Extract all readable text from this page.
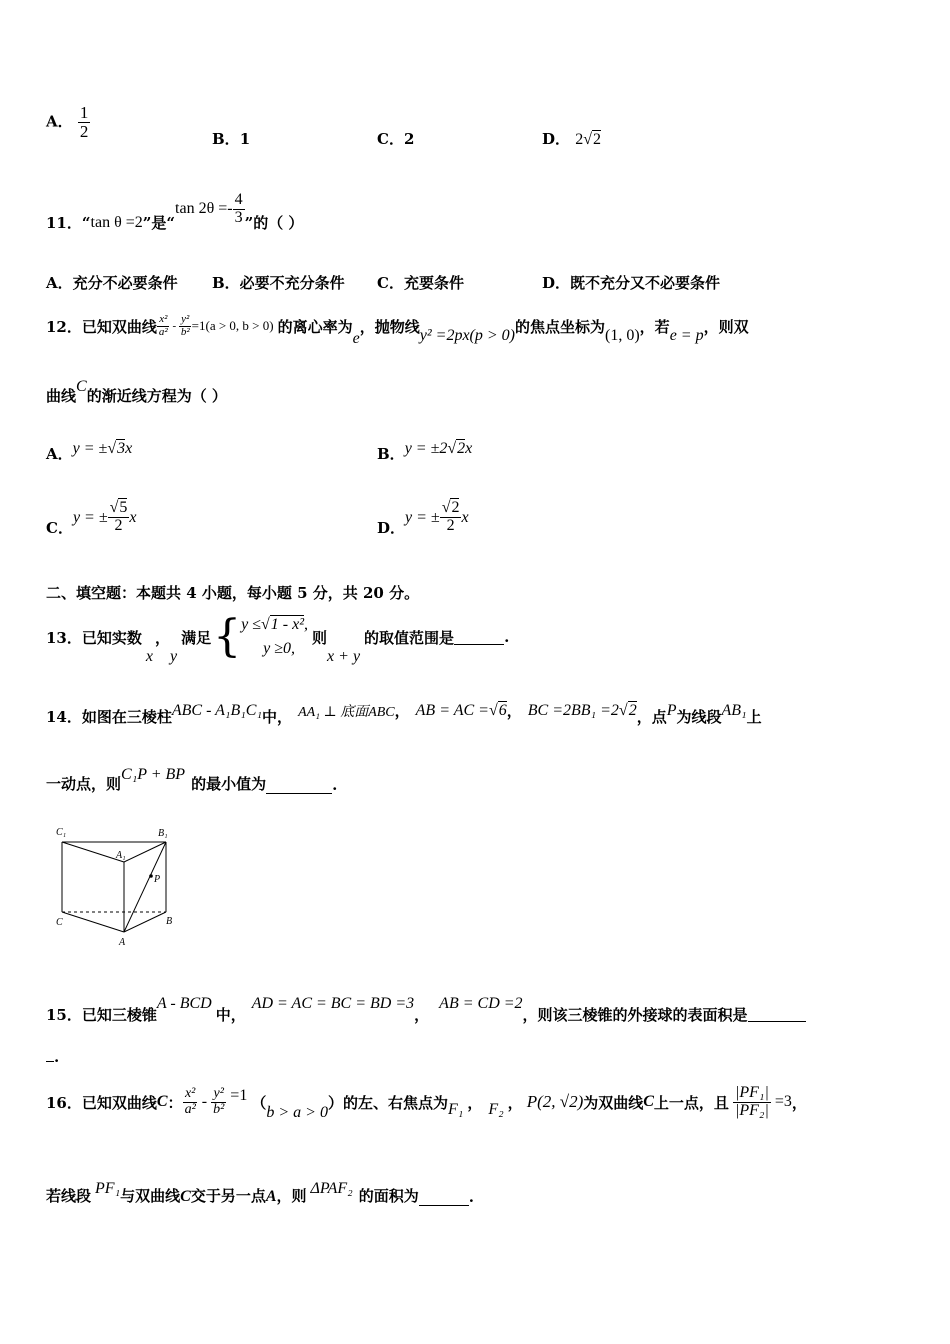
A． $\frac{1}{2}$	B．1	C．2	D． 2√2
11．“ tan θ =2 ”是“
$\tan 2\theta =- \frac{4}{3}$ ”的（ ）
A．充分不必要条件 B．必要不充分条件 C．充要条件	D．既不充分又不必要条件
12．已知双曲线 $\frac{\text{x²}}{\text{a²}} - \frac{\text{y²}}{\text{b²}} =1(a > 0$, b > 0) 的离心率为
e
，抛物线 y² =2px(p > 0) 的焦点坐标为 (1, 0) ，若 e = p ，则双
曲线
C
的渐近线方程为（ ）
A． y = ±√3x	B． y = ±2√2x
C．
y = ± $\frac{√5}{2}$ x
D．
y = ± $\frac{√2}{2}$ x
二、填空题：本题共 4 小题，每小题 5 分，共 20 分。
13．已知实数
x
，
y
满足 { y ≤√1 - x²,
y ≥0,
则
x + y
的取值范围是	.
14．如图在三棱柱 ABC - A₁B₁C₁ 中， AA₁ ⊥ 底面ABC ， AB = AC =√6 ， BC =2BB₁ =2√2 ，点 P 为线段 AB₁ 上
一动点，则
C₁P + BP
的最小值为	.
C₁	B₁
A₁
P
C	B
A
15．已知三棱锥
A - BCD
中，
AD = AC = BC = BD =3
，
AB = CD =2
，则该三棱锥的外接球的表面积是
.
16．已知双曲线 C ： $\frac{\text{x²}}{\text{a²}} - \frac{\text{y²}}{\text{b²}} =1$ （
b > a > 0
） 的左、右焦点为 F₁ ， F₂ ， P(2, √2) 为双曲线 C 上一点，且 $\frac{\text{|PF₁|}}{\text{|PF₂|}} =3$ ，
若线段 PF₁ 与双曲线 C 交于另一点 A ，则 ΔPAF₂ 的面积为	.
